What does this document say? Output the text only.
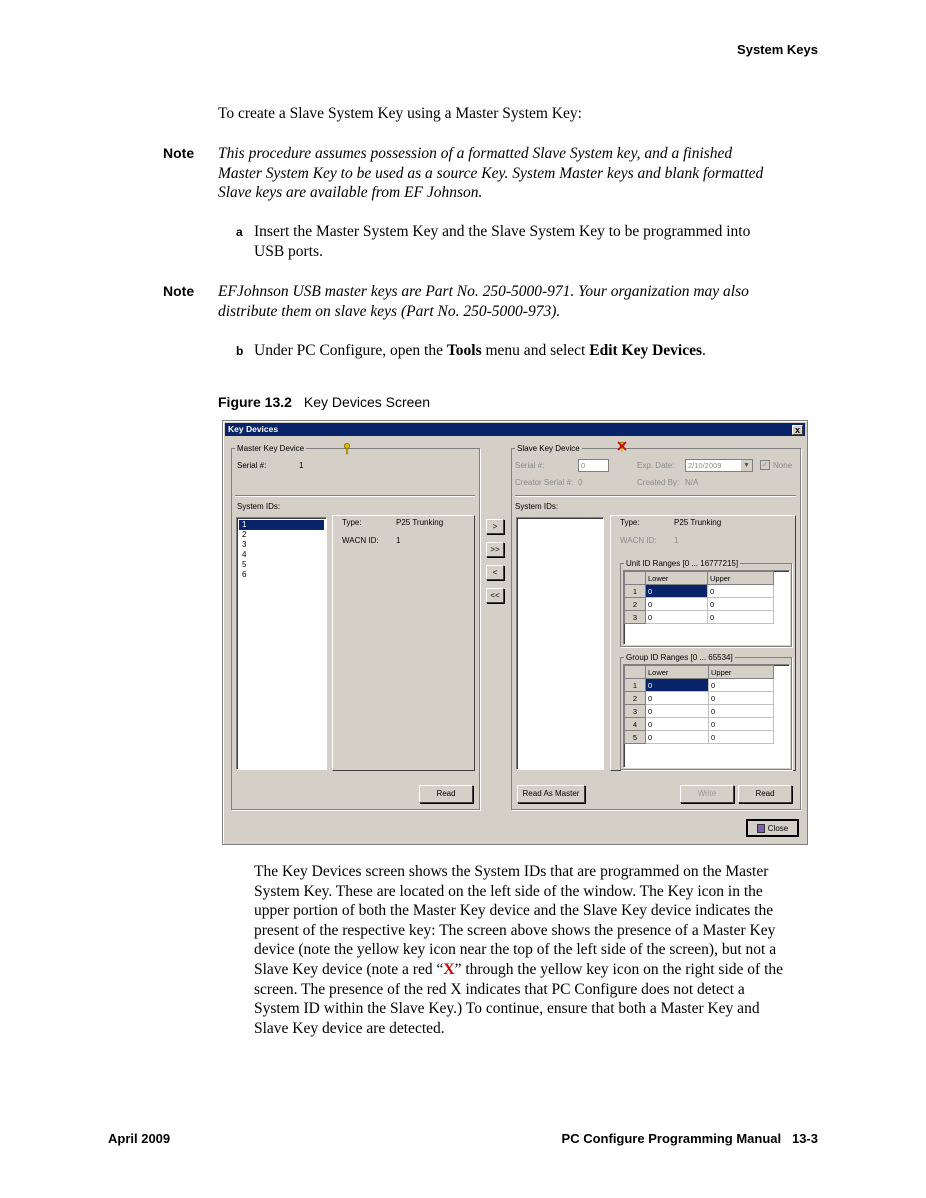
System Keys
To create a Slave System Key using a Master System Key:
Note This procedure assumes possession of a formatted Slave System key, and a finished
Master System Key to be used as a source Key. System Master keys and blank formatted
Slave keys are available from EF Johnson.
a Insert the Master System Key and the Slave System Key to be programmed into
USB ports.
Note EFJohnson USB master keys are Part No. 250-5000-971. Your organization may also
distribute them on slave keys (Part No. 250-5000-973).
b Under PC Configure, open the Tools menu and select Edit Key Devices.
Figure 13.2 Key Devices Screen
Key Devices	x
Master Key Device
Serial #:	1
System IDs:
1
2
3
4
5
6
Type:	P25 Trunking
WACN ID: 1
Read
>
>>
<
<<
Slave Key Device
Serial #:	0	Exp. Date:	2/10/2009	▼ ✓ None
Creator Serial #: 0	Created By: N/A
System IDs:
Type:	P25 Trunking
WACN ID: 1
Unit ID Ranges [0 ... 16777215]
	Lower	Upper
1	0	0
2	0	0
3	0	0
Group ID Ranges [0 ... 65534]
	Lower	Upper
1	0	0
2	0	0
3	0	0
4	0	0
5	0	0
Read As Master	Write	Read
Close
The Key Devices screen shows the System IDs that are programmed on the Master
System Key. These are located on the left side of the window. The Key icon in the
upper portion of both the Master Key device and the Slave Key device indicates the
present of the respective key: The screen above shows the presence of a Master Key
device (note the yellow key icon near the top of the left side of the screen), but not a
Slave Key device (note a red “X” through the yellow key icon on the right side of the
screen. The presence of the red X indicates that PC Configure does not detect a
System ID within the Slave Key.) To continue, ensure that both a Master Key and
Slave Key device are detected.
April 2009	PC Configure Programming Manual 13-3
